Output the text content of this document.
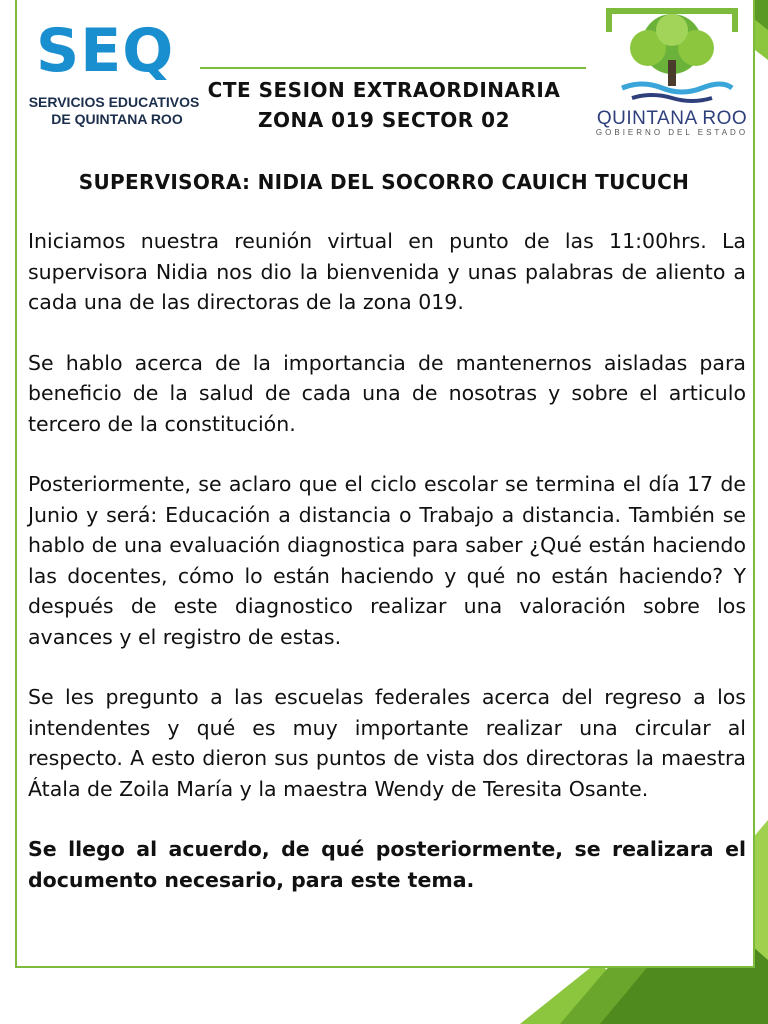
SEQ
SERVICIOS EDUCATIVOS
DE QUINTANA ROO
CTE SESION EXTRAORDINARIA
ZONA 019 SECTOR 02	QUINTANA ROO
GOBIERNO DEL ESTADO
SUPERVISORA: NIDIA DEL SOCORRO CAUICH TUCUCH

Iniciamos nuestra reunión virtual en punto de las 11:00hrs. La supervisora Nidia nos dio la bienvenida y unas palabras de aliento a cada una de las directoras de la zona 019.

Se hablo acerca de la importancia de mantenernos aisladas para beneficio de la salud de cada una de nosotras y sobre el articulo tercero de la constitución.

Posteriormente, se aclaro que el ciclo escolar se termina el día 17 de Junio y será: Educación a distancia o Trabajo a distancia. También se hablo de una evaluación diagnostica para saber ¿Qué están haciendo las docentes, cómo lo están haciendo y qué no están haciendo? Y después de este diagnostico realizar una valoración sobre los avances y el registro de estas.

Se les pregunto a las escuelas federales acerca del regreso a los intendentes y qué es muy importante realizar una circular al respecto. A esto dieron sus puntos de vista dos directoras la maestra Átala de Zoila María y la maestra Wendy de Teresita Osante.

Se llego al acuerdo, de qué posteriormente, se realizara el documento necesario, para este tema.
